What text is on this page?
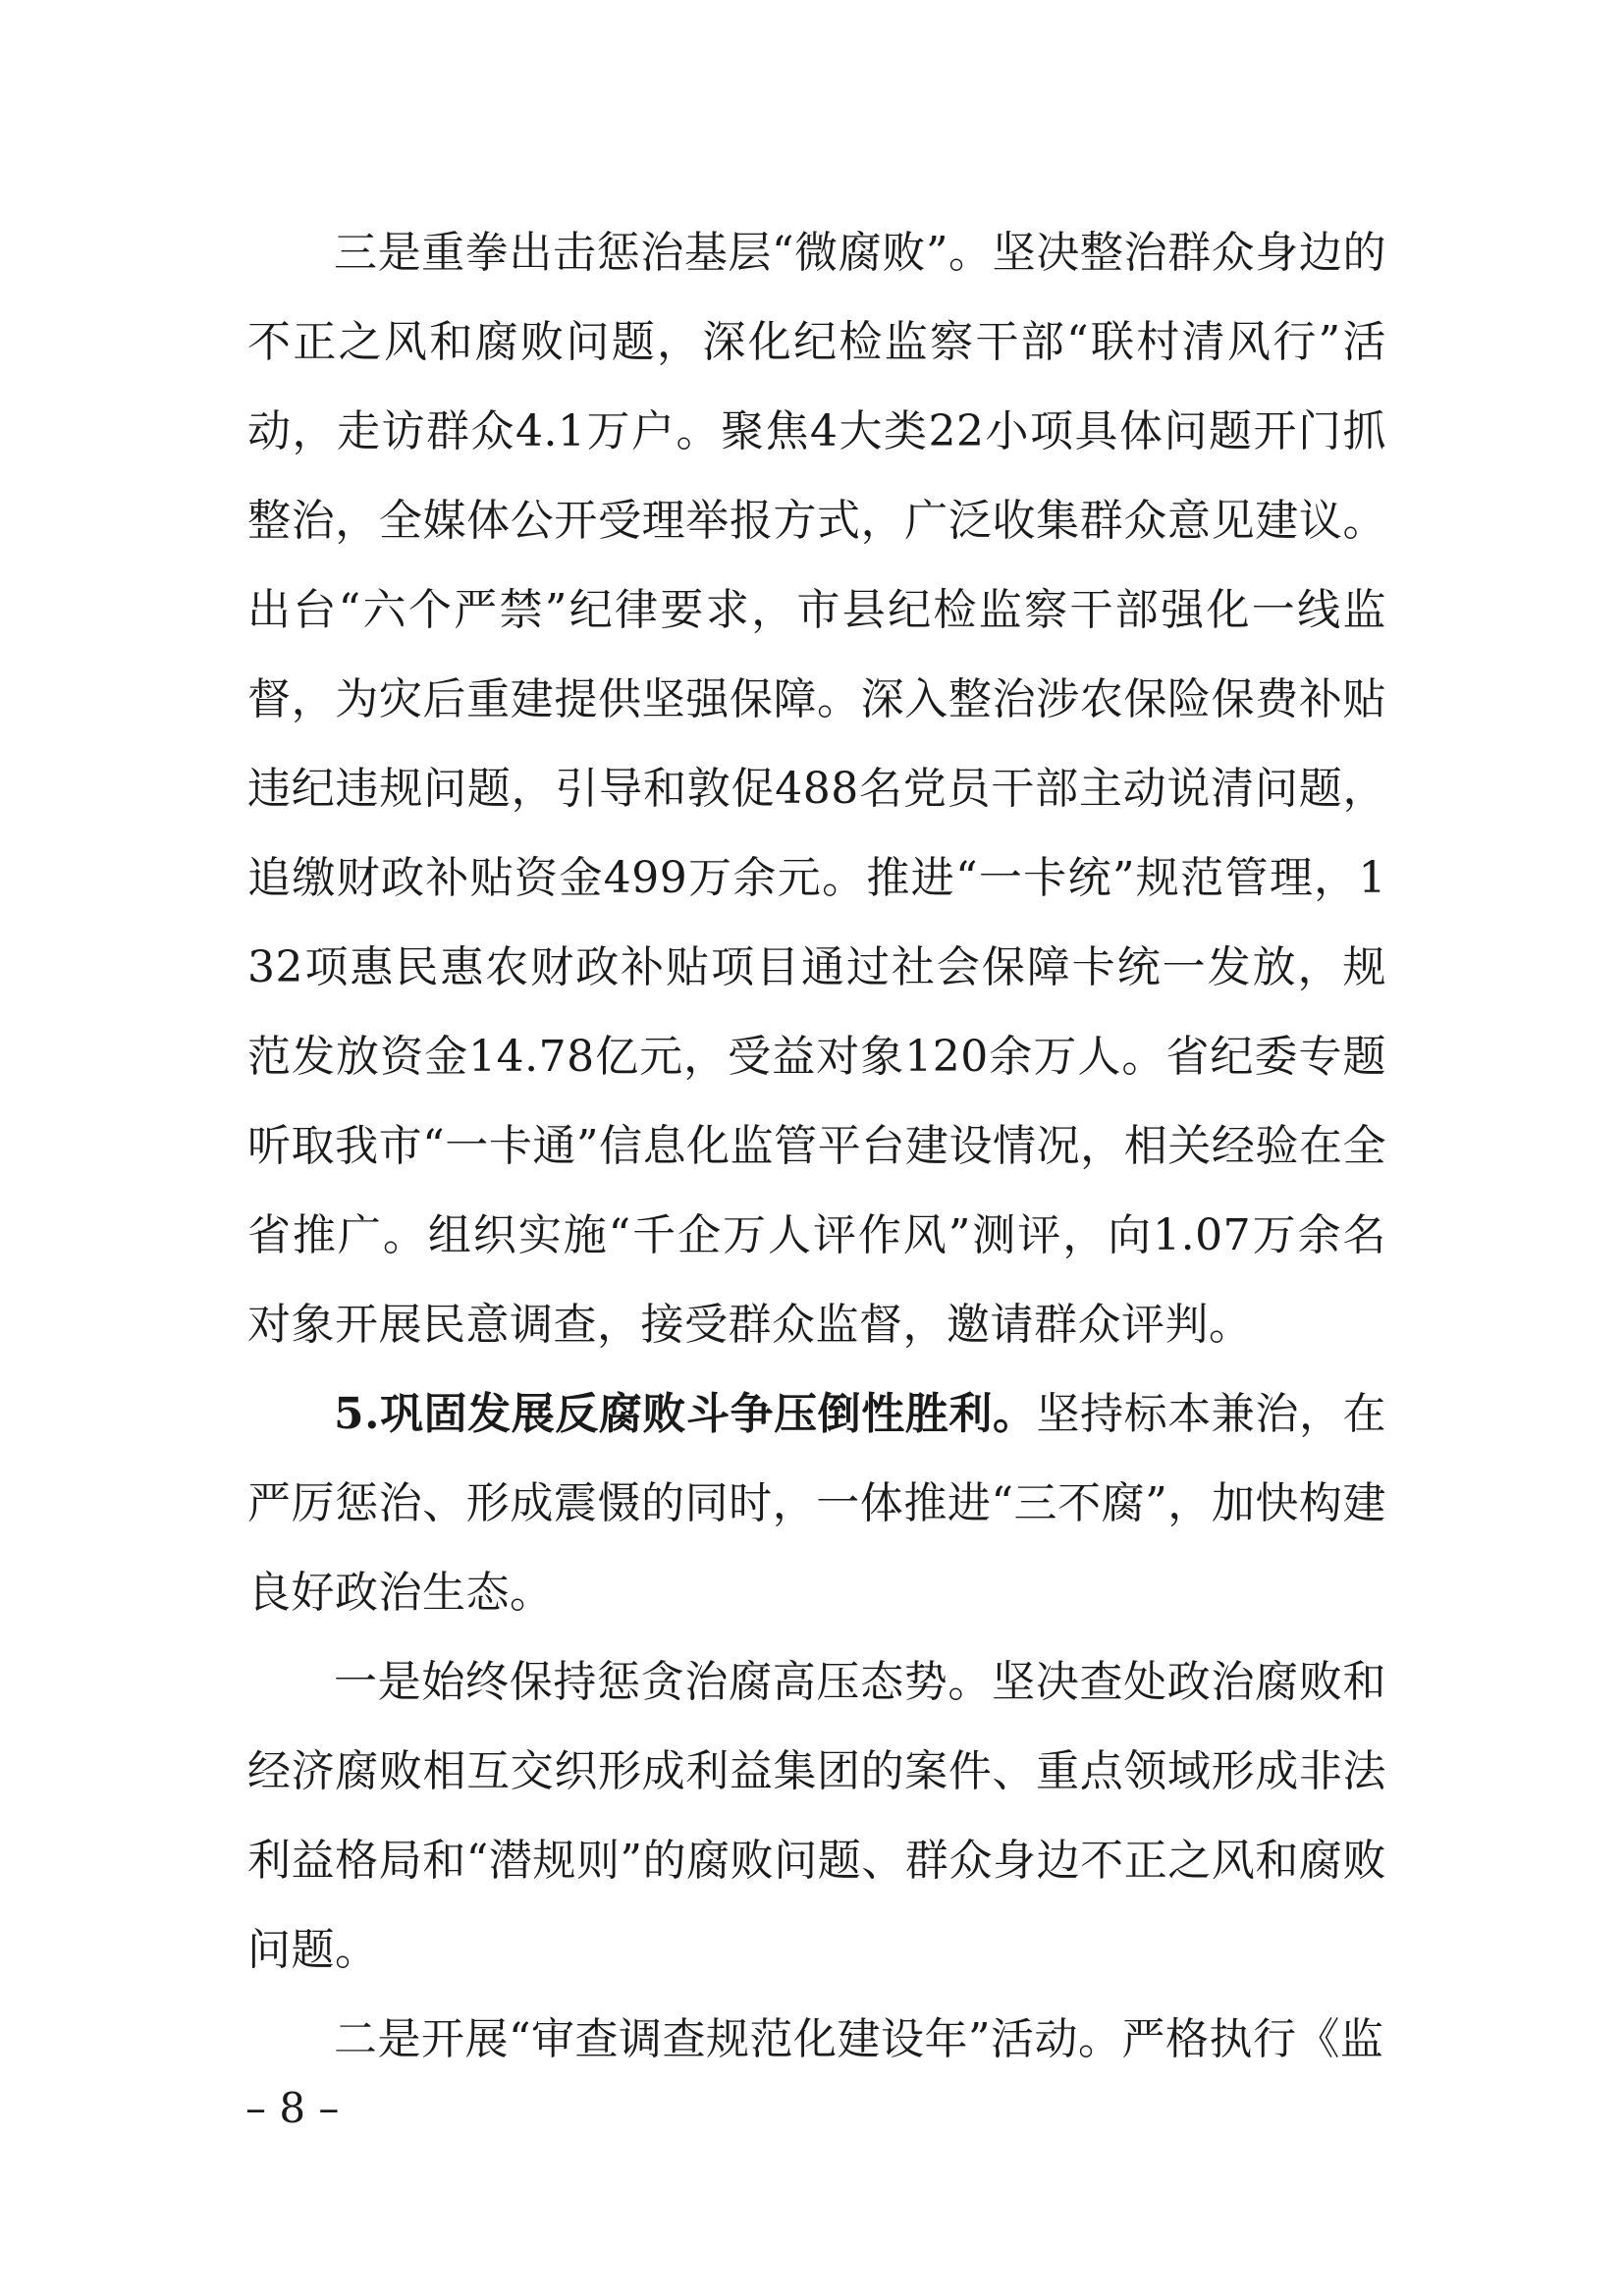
三是重拳出击惩治基层“微腐败”。坚决整治群众身边的不正之风和腐败问题，深化纪检监察干部“联村清风行”活动，走访群众4.1万户。聚焦4大类22小项具体问题开门抓整治，全媒体公开受理举报方式，广泛收集群众意见建议。出台“六个严禁”纪律要求，市县纪检监察干部强化一线监督，为灾后重建提供坚强保障。深入整治涉农保险保费补贴违纪违规问题，引导和敦促488名党员干部主动说清问题，追缴财政补贴资金499万余元。推进“一卡统”规范管理，132项惠民惠农财政补贴项目通过社会保障卡统一发放，规范发放资金14.78亿元，受益对象120余万人。省纪委专题听取我市“一卡通”信息化监管平台建设情况，相关经验在全省推广。组织实施“千企万人评作风”测评，向1.07万余名对象开展民意调查，接受群众监督，邀请群众评判。

5.巩固发展反腐败斗争压倒性胜利。坚持标本兼治，在严厉惩治、形成震慑的同时，一体推进“三不腐”，加快构建良好政治生态。

一是始终保持惩贪治腐高压态势。坚决查处政治腐败和经济腐败相互交织形成利益集团的案件、重点领域形成非法利益格局和“潜规则”的腐败问题、群众身边不正之风和腐败问题。

二是开展“审查调查规范化建设年”活动。严格执行《监

– 8 –
